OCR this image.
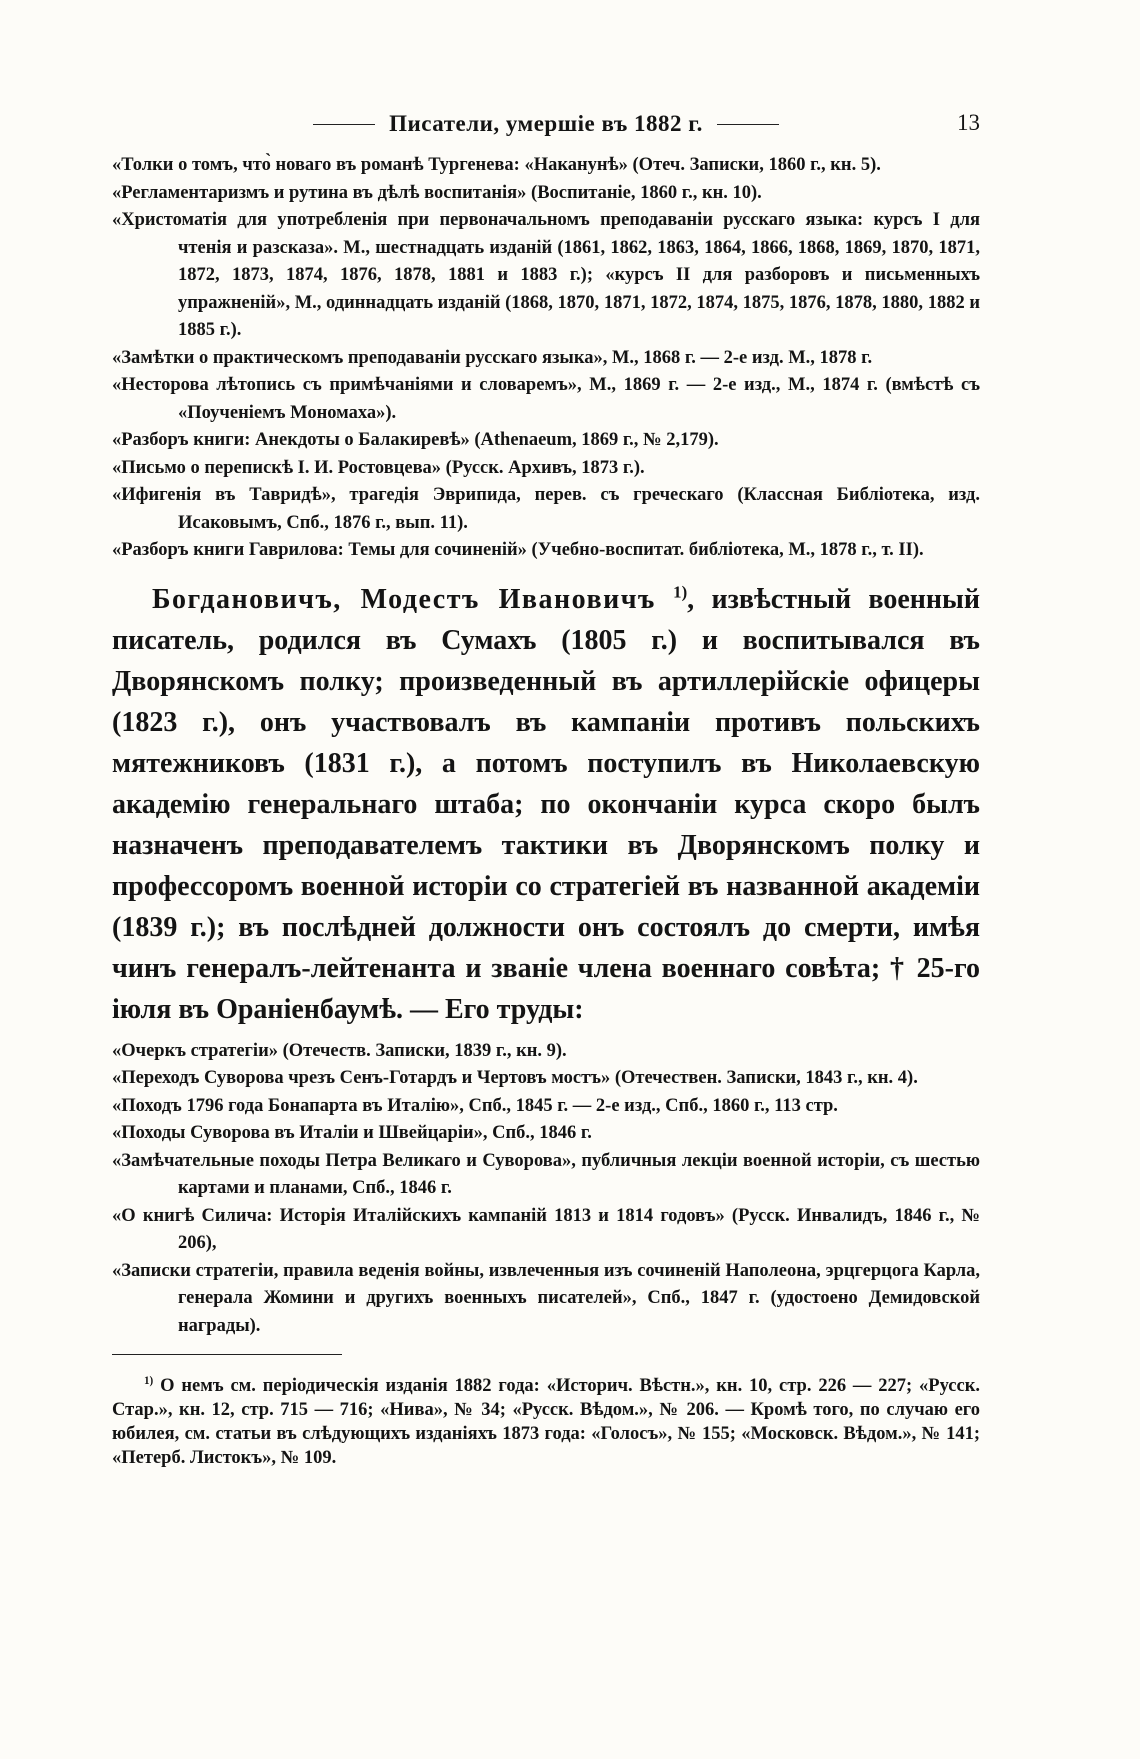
Писатели, умершіе въ 1882 г.	13
«Толки о томъ, что̀ новаго въ романѣ Тургенева: «Наканунѣ» (Отеч. Записки, 1860 г., кн. 5).
«Регламентаризмъ и рутина въ дѣлѣ воспитанія» (Воспитаніе, 1860 г., кн. 10).
«Христоматія для употребленія при первоначальномъ преподаваніи русскаго языка: курсъ I для чтенія и разсказа». М., шестнадцать изданій (1861, 1862, 1863, 1864, 1866, 1868, 1869, 1870, 1871, 1872, 1873, 1874, 1876, 1878, 1881 и 1883 г.); «курсъ II для разборовъ и письменныхъ упражненій», М., одиннадцать изданій (1868, 1870, 1871, 1872, 1874, 1875, 1876, 1878, 1880, 1882 и 1885 г.).
«Замѣтки о практическомъ преподаваніи русскаго языка», М., 1868 г. — 2-е изд. М., 1878 г.
«Несторова лѣтопись съ примѣчаніями и словаремъ», М., 1869 г. — 2-е изд., М., 1874 г. (вмѣстѣ съ «Поученіемъ Мономаха»).
«Разборъ книги: Анекдоты о Балакиревѣ» (Athenaeum, 1869 г., № 2,179).
«Письмо о перепискѣ І. И. Ростовцева» (Русск. Архивъ, 1873 г.).
«Ифигенія въ Тавридѣ», трагедія Эврипида, перев. съ греческаго (Классная Библіотека, изд. Исаковымъ, Спб., 1876 г., вып. 11).
«Разборъ книги Гаврилова: Темы для сочиненій» (Учебно-воспитат. библіотека, М., 1878 г., т. II).

Богдановичъ, Модестъ Ивановичъ $^{1)}$, извѣстный военный писатель, родился въ Сумахъ (1805 г.) и воспитывался въ Дворянскомъ полку; произведенный въ артиллерійскіе офицеры (1823 г.), онъ участвовалъ въ кампаніи противъ польскихъ мятежниковъ (1831 г.), а потомъ поступилъ въ Николаевскую академію генеральнаго штаба; по окончаніи курса скоро былъ назначенъ преподавателемъ тактики въ Дворянскомъ полку и профессоромъ военной исторіи со стратегіей въ названной академіи (1839 г.); въ послѣдней должности онъ состоялъ до смерти, имѣя чинъ генералъ-лейтенанта и званіе члена военнаго совѣта; † 25-го іюля въ Ораніенбаумѣ. — Его труды:

«Очеркъ стратегіи» (Отечеств. Записки, 1839 г., кн. 9).
«Переходъ Суворова чрезъ Сенъ-Готардъ и Чертовъ мостъ» (Отечествен. Записки, 1843 г., кн. 4).
«Походъ 1796 года Бонапарта въ Италію», Спб., 1845 г. — 2-е изд., Спб., 1860 г., 113 стр.
«Походы Суворова въ Италіи и Швейцаріи», Спб., 1846 г.
«Замѣчательные походы Петра Великаго и Суворова», публичныя лекціи военной исторіи, съ шестью картами и планами, Спб., 1846 г.
«О книгѣ Силича: Исторія Италійскихъ кампаній 1813 и 1814 годовъ» (Русск. Инвалидъ, 1846 г., № 206),
«Записки стратегіи, правила веденія войны, извлеченныя изъ сочиненій Наполеона, эрцгерцога Карла, генерала Жомини и другихъ военныхъ писателей», Спб., 1847 г. (удостоено Демидовской награды).

$^{1)}$ О немъ см. періодическія изданія 1882 года: «Историч. Вѣстн.», кн. 10, стр. 226 — 227; «Русск. Стар.», кн. 12, стр. 715 — 716; «Нива», № 34; «Русск. Вѣдом.», № 206. — Кромѣ того, по случаю его юбилея, см. статьи въ слѣдующихъ изданіяхъ 1873 года: «Голосъ», № 155; «Московск. Вѣдом.», № 141; «Петерб. Листокъ», № 109.
